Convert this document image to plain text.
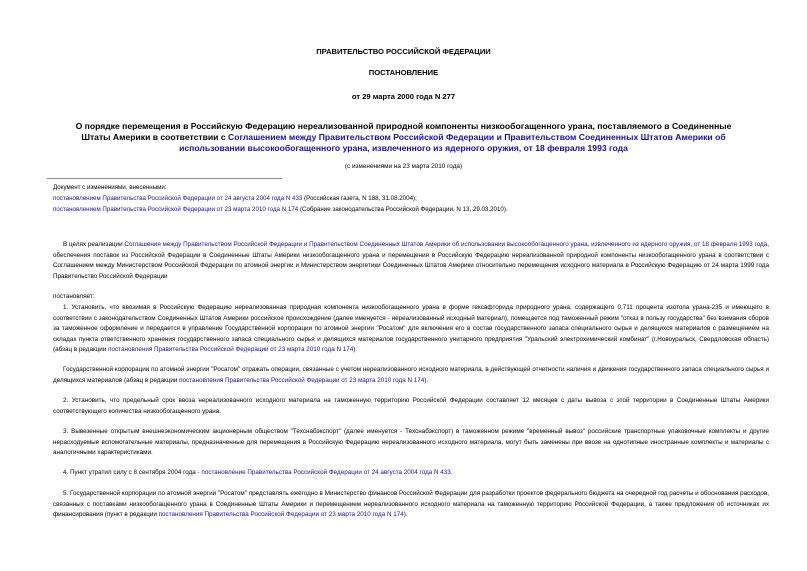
ПРАВИТЕЛЬСТВО РОССИЙСКОЙ ФЕДЕРАЦИИ
ПОСТАНОВЛЕНИЕ
от 29 марта 2000 года N 277
О порядке перемещения в Российскую Федерацию нереализованной природной компоненты низкообогащенного урана, поставляемого в Соединенные Штаты Америки в соответствии с Соглашением между Правительством Российской Федерации и Правительством Соединенных Штатов Америки об использовании высокообогащенного урана, извлеченного из ядерного оружия, от 18 февраля 1993 года
(с изменениями на 23 марта 2010 года)
Документ с изменениями, внесенными:
постановлением Правительства Российской Федерации от 24 августа 2004 года N 433 (Российская газета, N 188, 31.08.2004);
постановлением Правительства Российской Федерации от 23 марта 2010 года N 174 (Собрание законодательства Российской Федерации, N 13, 29.03.2010).

В целях реализации Соглашения между Правительством Российской Федерации и Правительством Соединенных Штатов Америки об использовании высокообогащенного урана, извлеченного из ядерного оружия, от 18 февраля 1993 года, обеспечения поставок из Российской Федерации в Соединенные Штаты Америки низкообогащенного урана и перемещения в Российскую Федерацию нереализованной природной компоненты низкообогащенного урана в соответствии с Соглашением между Министерством Российской Федерации по атомной энергии и Министерством энергетики Соединенных Штатов Америки относительно перемещения исходного материала в Российскую Федерацию от 24 марта 1999 года Правительство Российской Федерации

постановляет:

1. Установить, что ввозимая в Российскую Федерацию нереализованная природная компонента низкообогащенного урана в форме гексафторида природного урана, содержащего 0,711 процента изотопа урана-235 и имеющего в соответствии с законодательством Соединенных Штатов Америки российское происхождение (далее именуется - нереализованный исходный материал), помещается под таможенный режим "отказ в пользу государства" без взимания сборов за таможенное оформление и передается в управление Государственной корпорации по атомной энергии "Росатом" для включения его в состав государственного запаса специального сырья и делящихся материалов с размещением на складах пункта ответственного хранения государственного запаса специального сырья и делящихся материалов государственного унитарного предприятия "Уральский электрохимический комбинат" (г.Новоуральск, Свердловская область) (абзац в редакции постановления Правительства Российской Федерации от 23 марта 2010 года N 174).

Государственной корпорации по атомной энергии "Росатом" отражать операции, связанные с учетом нереализованного исходного материала, в действующей отчетности наличия и движения государственного запаса специального сырья и делящихся материалов (абзац в редакции постановления Правительства Российской Федерации от 23 марта 2010 года N 174).

2. Установить, что предельный срок ввоза нереализованного исходного материала на таможенную территорию Российской Федерации составляет 12 месяцев с даты вывоза с этой территории в Соединенные Штаты Америки соответствующего количества низкообогащенного урана.

3. Вывезенные открытым внешнеэкономическим акционерным обществом "Техснабэкспорт" (далее именуется - Техснабэкспорт) в таможенном режиме "временный вывоз" российские транспортные упаковочные комплекты и другие нерасходуемые вспомогательные материалы, предназначенные для перемещения в Российскую Федерацию нереализованного исходного материала, могут быть заменены при ввозе на однотипные иностранные комплекты и материалы с аналогичными характеристиками.

4. Пункт утратил силу с 8 сентября 2004 года - постановление Правительства Российской Федерации от 24 августа 2004 года N 433.

5. Государственной корпорации по атомной энергии "Росатом" представлять ежегодно в Министерство финансов Российской Федерации для разработки проектов федерального бюджета на очередной год расчеты и обоснования расходов, связанных с поставками низкообогащенного урана в Соединенные Штаты Америки и перемещением нереализованного исходного материала на таможенную территорию Российской Федерации, а также предложения об источниках их финансирования (пункт в редакции постановления Правительства Российской Федерации от 23 марта 2010 года N 174).
